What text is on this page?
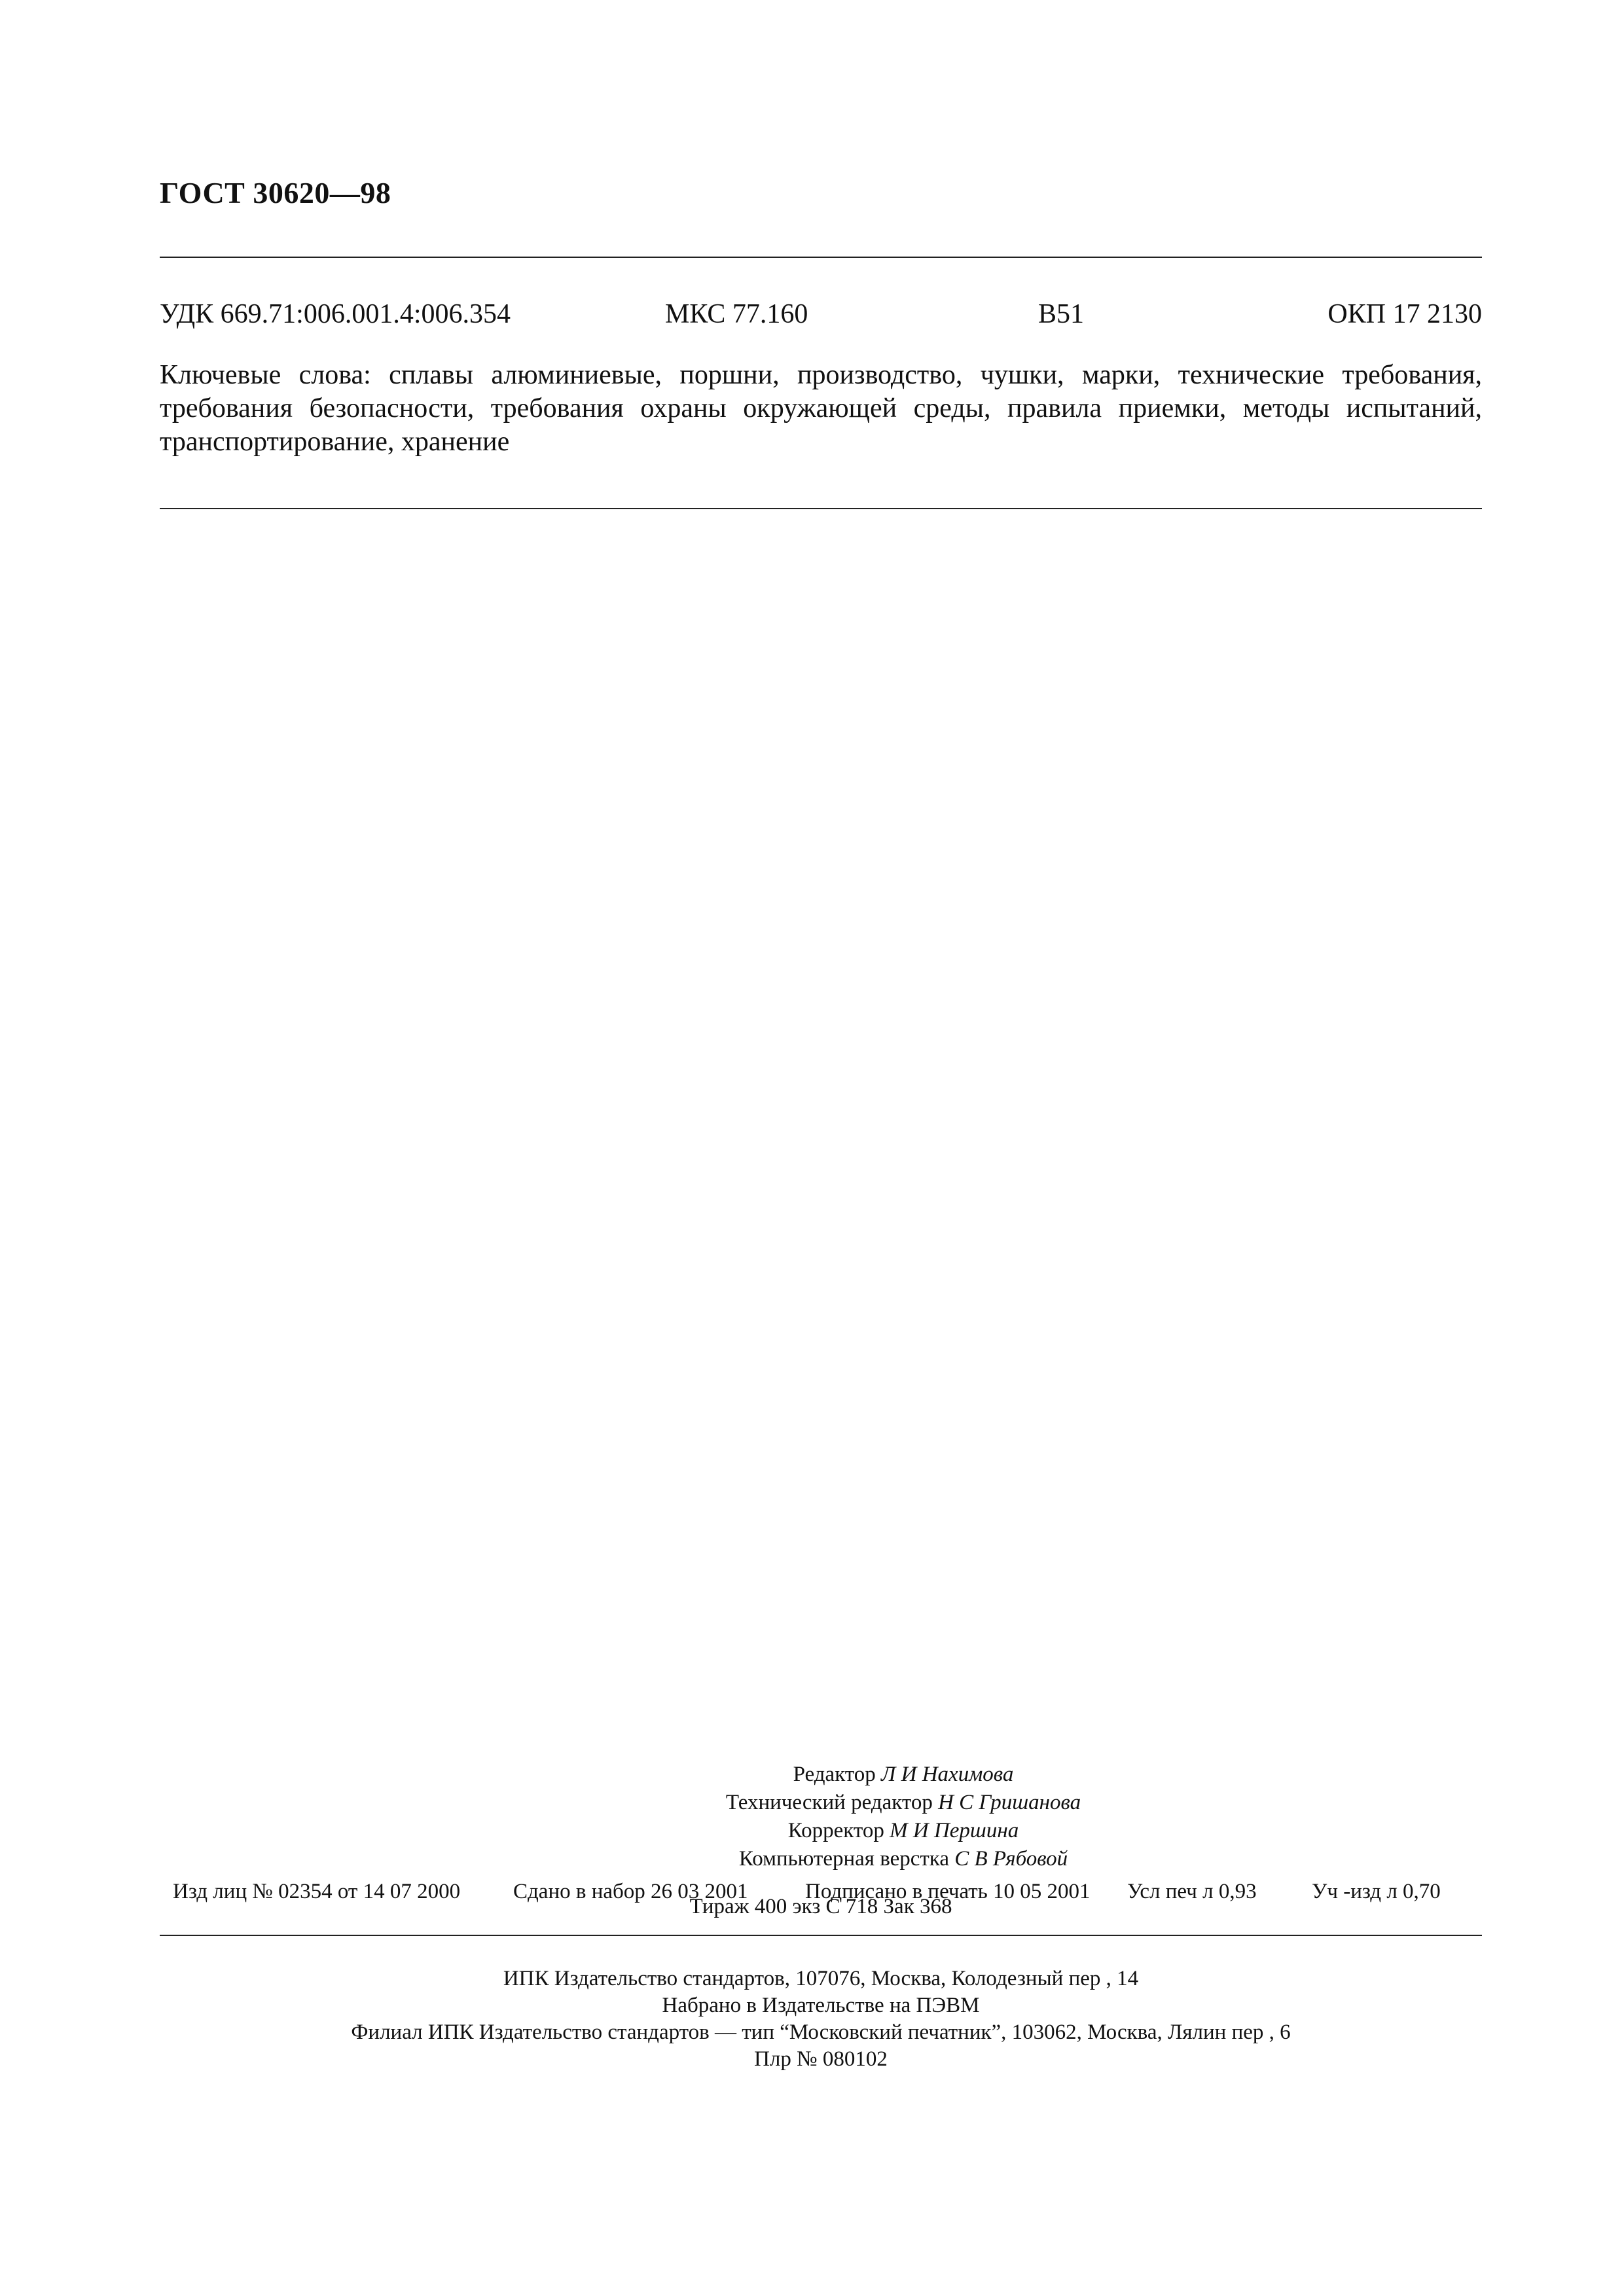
ГОСТ 30620—98
УДК 669.71:006.001.4:006.354	МКС 77.160	В51	ОКП 17 2130
Ключевые слова: сплавы алюминиевые, поршни, производство, чушки, марки, технические требования, требования безопасности, требования охраны окружающей среды, правила приемки, методы испытаний, транспортирование, хранение
Редактор Л И Нахимова
Технический редактор Н С Гришанова
Корректор М И Першина
Компьютерная верстка С В Рябовой
Изд лиц № 02354 от 14 07 2000 Сдано в набор 26 03 2001	Подписано в печать 10 05 2001 Усл печ л 0,93	Уч -изд л 0,70
Тираж 400 экз С 718 Зак 368
ИПК Издательство стандартов, 107076, Москва, Колодезный пер , 14
Набрано в Издательстве на ПЭВМ
Филиал ИПК Издательство стандартов — тип “Московский печатник”, 103062, Москва, Лялин пер , 6
Плр № 080102
